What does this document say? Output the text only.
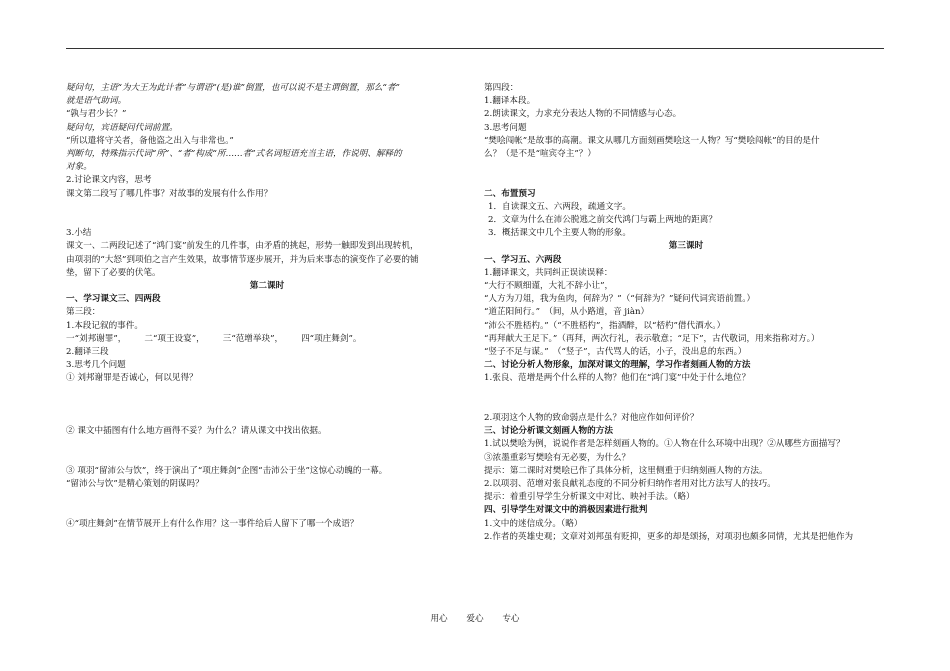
疑问句，主语“为大王为此计者”与谓语“(是)谁”倒置，也可以说不是主谓倒置，那么“者”
就是语气助词。
“孰与君少长？”
疑问句，宾语疑问代词前置。
“所以遣将守关者，备他盗之出入与非常也。”
判断句，特殊指示代词“所”、“者”构成“所……者”式名词短语充当主语，作说明、解释的
对象。
2.讨论课文内容，思考
课文第二段写了哪几件事？对故事的发展有什么作用？
3.小结
课文一、二两段记述了“鸿门宴”前发生的几件事，由矛盾的挑起，形势一触即发到出现转机，
由项羽的“大怒”到项伯之言产生效果，故事情节逐步展开，并为后来事态的演变作了必要的铺
垫，留下了必要的伏笔。
第二课时
一、学习课文三、四两段
第三段：
1.本段记叙的事件。
一“刘邦谢罪”， 二“项王设宴”， 三“范增举玦”， 四“项庄舞剑”。
2.翻译三段
3.思考几个问题
① 刘邦谢罪是否诚心，何以见得？
② 课文中插图有什么地方画得不妥？为什么？请从课文中找出依据。
③ 项羽“留沛公与饮”，终于演出了“项庄舞剑”企图“击沛公于坐”这惊心动魄的一幕。
“留沛公与饮”是精心策划的阴谋吗？
④“项庄舞剑”在情节展开上有什么作用？这一事件给后人留下了哪一个成语？
第四段：
1.翻译本段。
2.朗读课文，力求充分表达人物的不同情感与心态。
3.思考问题
“樊哙闯帐”是故事的高潮。课文从哪几方面刻画樊哙这一人物？写“樊哙闯帐”的目的是什
么？（是不是“喧宾夺主”？）
二、布置预习
1．自读课文五、六两段，疏通文字。
2．文章为什么在沛公脱逃之前交代鸿门与霸上两地的距离？
3．概括课文中几个主要人物的形象。
第三课时
一、学习五、六两段
1.翻译课文，共同纠正误读误释：
“大行不顾细谨，大礼不辞小让”，
“人方为刀俎，我为鱼肉，何辞为？”（“何辞为？”疑问代词宾语前置。）
“道芷阳间行。”　（间，从小路道，音 jiàn）
“沛公不胜桮杓。”（“不胜桮杓”，指酒醉，以“桮杓”借代酒水。）
“再拜献大王足下。”（再拜，两次行礼，表示敬意；“足下”，古代敬词，用来指称对方。）
“竖子不足与谋。”　（“竖子”，古代骂人的话，小子，没出息的东西。）
二、讨论分析人物形象，加深对课文的理解，学习作者刻画人物的方法
1.张良、范增是两个什么样的人物？他们在“鸿门宴”中处于什么地位？
2.项羽这个人物的致命弱点是什么？对他应作如何评价？
三、讨论分析课文刻画人物的方法
1.试以樊哙为例，说说作者是怎样刻画人物的。①人物在什么环境中出现？②从哪些方面描写？
③浓墨重彩写樊哙有无必要，为什么？
提示：第二课时对樊哙已作了具体分析，这里侧重于归纳刻画人物的方法。
2.以项羽、范增对张良献礼态度的不同分析归纳作者用对比方法写人的技巧。
提示：着重引导学生分析课文中对比、映衬手法。（略）
四、引导学生对课文中的消极因素进行批判
1.文中的迷信成分。（略）
2.作者的英雄史观；文章对刘邦虽有贬抑，更多的却是颂扬，对项羽也颇多同情，尤其是把他作为
用心 爱心 专心
